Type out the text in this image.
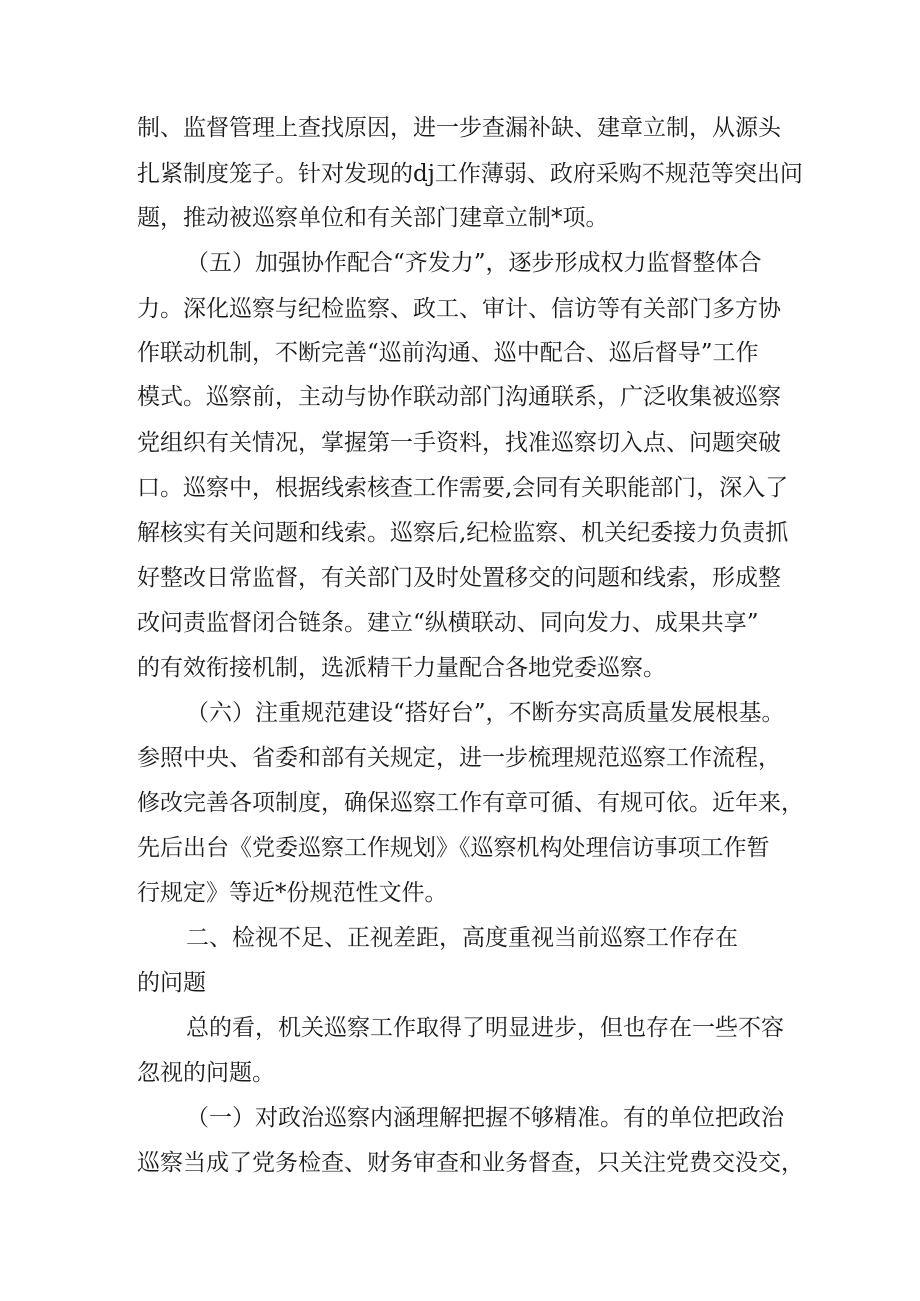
制、监督管理上查找原因，进一步查漏补缺、建章立制，从源头
扎紧制度笼子。针对发现的dj工作薄弱、政府采购不规范等突出问
题，推动被巡察单位和有关部门建章立制*项。
（五）加强协作配合“齐发力”，逐步形成权力监督整体合
力。深化巡察与纪检监察、政工、审计、信访等有关部门多方协
作联动机制，不断完善“巡前沟通、巡中配合、巡后督导”工作
模式。巡察前，主动与协作联动部门沟通联系，广泛收集被巡察
党组织有关情况，掌握第一手资料，找准巡察切入点、问题突破
口。巡察中，根据线索核查工作需要,会同有关职能部门，深入了
解核实有关问题和线索。巡察后,纪检监察、机关纪委接力负责抓
好整改日常监督，有关部门及时处置移交的问题和线索，形成整
改问责监督闭合链条。建立“纵横联动、同向发力、成果共享”
的有效衔接机制，选派精干力量配合各地党委巡察。
（六）注重规范建设“搭好台”，不断夯实高质量发展根基。
参照中央、省委和部有关规定，进一步梳理规范巡察工作流程，
修改完善各项制度，确保巡察工作有章可循、有规可依。近年来，
先后出台《党委巡察工作规划》《巡察机构处理信访事项工作暂
行规定》等近*份规范性文件。
二、检视不足、正视差距，高度重视当前巡察工作存在
的问题
总的看，机关巡察工作取得了明显进步，但也存在一些不容
忽视的问题。
（一）对政治巡察内涵理解把握不够精准。有的单位把政治
巡察当成了党务检查、财务审查和业务督查，只关注党费交没交，
